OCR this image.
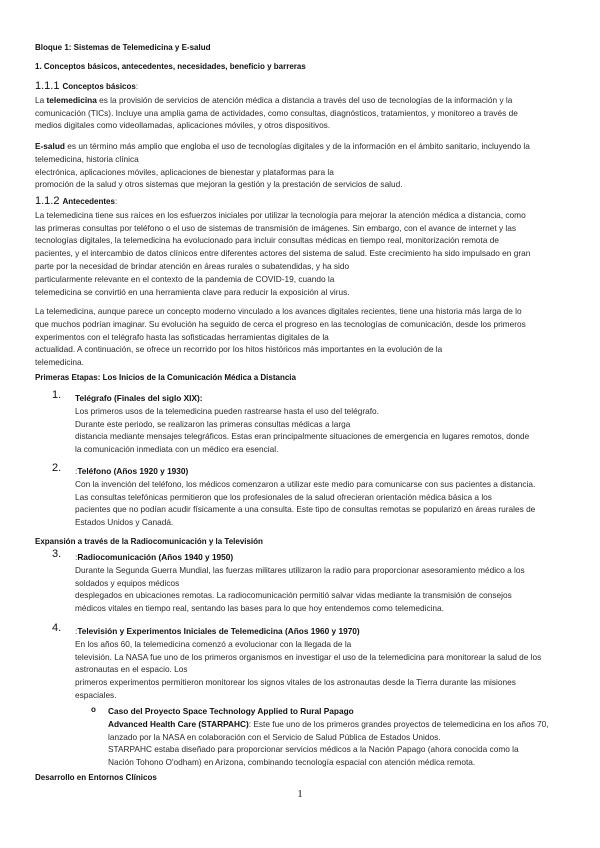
Bloque 1: Sistemas de Telemedicina y E-salud
1. Conceptos básicos, antecedentes, necesidades, beneficio y barreras
1.1.1 Conceptos básicos:
La telemedicina es la provisión de servicios de atención médica a distancia a través del uso de tecnologías de la información y la
comunicación (TICs). Incluye una amplia gama de actividades, como consultas, diagnósticos, tratamientos, y monitoreo a través de
medios digitales como videollamadas, aplicaciones móviles, y otros dispositivos.
E-salud es un término más amplio que engloba el uso de tecnologías digitales y de la información en el ámbito sanitario, incluyendo la
telemedicina, historia clínica
electrónica, aplicaciones móviles, aplicaciones de bienestar y plataformas para la
promoción de la salud y otros sistemas que mejoran la gestión y la prestación de servicios de salud.
1.1.2 Antecedentes:
La telemedicina tiene sus raíces en los esfuerzos iniciales por utilizar la tecnología para mejorar la atención médica a distancia, como
las primeras consultas por teléfono o el uso de sistemas de transmisión de imágenes. Sin embargo, con el avance de internet y las
tecnologías digitales, la telemedicina ha evolucionado para incluir consultas médicas en tiempo real, monitorización remota de
pacientes, y el intercambio de datos clínicos entre diferentes actores del sistema de salud. Este crecimiento ha sido impulsado en gran
parte por la necesidad de brindar atención en áreas rurales o subatendidas, y ha sido
particularmente relevante en el contexto de la pandemia de COVID-19, cuando la
telemedicina se convirtió en una herramienta clave para reducir la exposición al virus.
La telemedicina, aunque parece un concepto moderno vinculado a los avances digitales recientes, tiene una historia más larga de lo
que muchos podrían imaginar. Su evolución ha seguido de cerca el progreso en las tecnologías de comunicación, desde los primeros
experimentos con el telégrafo hasta las sofisticadas herramientas digitales de la
actualidad. A continuación, se ofrece un recorrido por los hitos históricos más importantes en la evolución de la
telemedicina.
Primeras Etapas: Los Inicios de la Comunicación Médica a Distancia
1. Telégrafo (Finales del siglo XIX):
Los primeros usos de la telemedicina pueden rastrearse hasta el uso del telégrafo.
Durante este periodo, se realizaron las primeras consultas médicas a larga
distancia mediante mensajes telegráficos. Estas eran principalmente situaciones de emergencia en lugares remotos, donde
la comunicación inmediata con un médico era esencial.
2. :Teléfono (Años 1920 y 1930)
Con la invención del teléfono, los médicos comenzaron a utilizar este medio para comunicarse con sus pacientes a distancia.
Las consultas telefónicas permitieron que los profesionales de la salud ofrecieran orientación médica básica a los
pacientes que no podían acudir físicamente a una consulta. Este tipo de consultas remotas se popularizó en áreas rurales de
Estados Unidos y Canadá.
Expansión a través de la Radiocomunicación y la Televisión
3. :Radiocomunicación (Años 1940 y 1950)
Durante la Segunda Guerra Mundial, las fuerzas militares utilizaron la radio para proporcionar asesoramiento médico a los
soldados y equipos médicos
desplegados en ubicaciones remotas. La radiocomunicación permitió salvar vidas mediante la transmisión de consejos
médicos vitales en tiempo real, sentando las bases para lo que hoy entendemos como telemedicina.
4. :Televisión y Experimentos Iniciales de Telemedicina (Años 1960 y 1970)
En los años 60, la telemedicina comenzó a evolucionar con la llegada de la
televisión. La NASA fue uno de los primeros organismos en investigar el uso de la telemedicina para monitorear la salud de los
astronautas en el espacio. Los
primeros experimentos permitieron monitorear los signos vitales de los astronautas desde la Tierra durante las misiones
espaciales.
o Caso del Proyecto Space Technology Applied to Rural Papago
Advanced Health Care (STARPAHC): Este fue uno de los primeros grandes proyectos de telemedicina en los años 70,
lanzado por la NASA en colaboración con el Servicio de Salud Pública de Estados Unidos.
STARPAHC estaba diseñado para proporcionar servicios médicos a la Nación Papago (ahora conocida como la
Nación Tohono O'odham) en Arizona, combinando tecnología espacial con atención médica remota.
Desarrollo en Entornos Clínicos
1
